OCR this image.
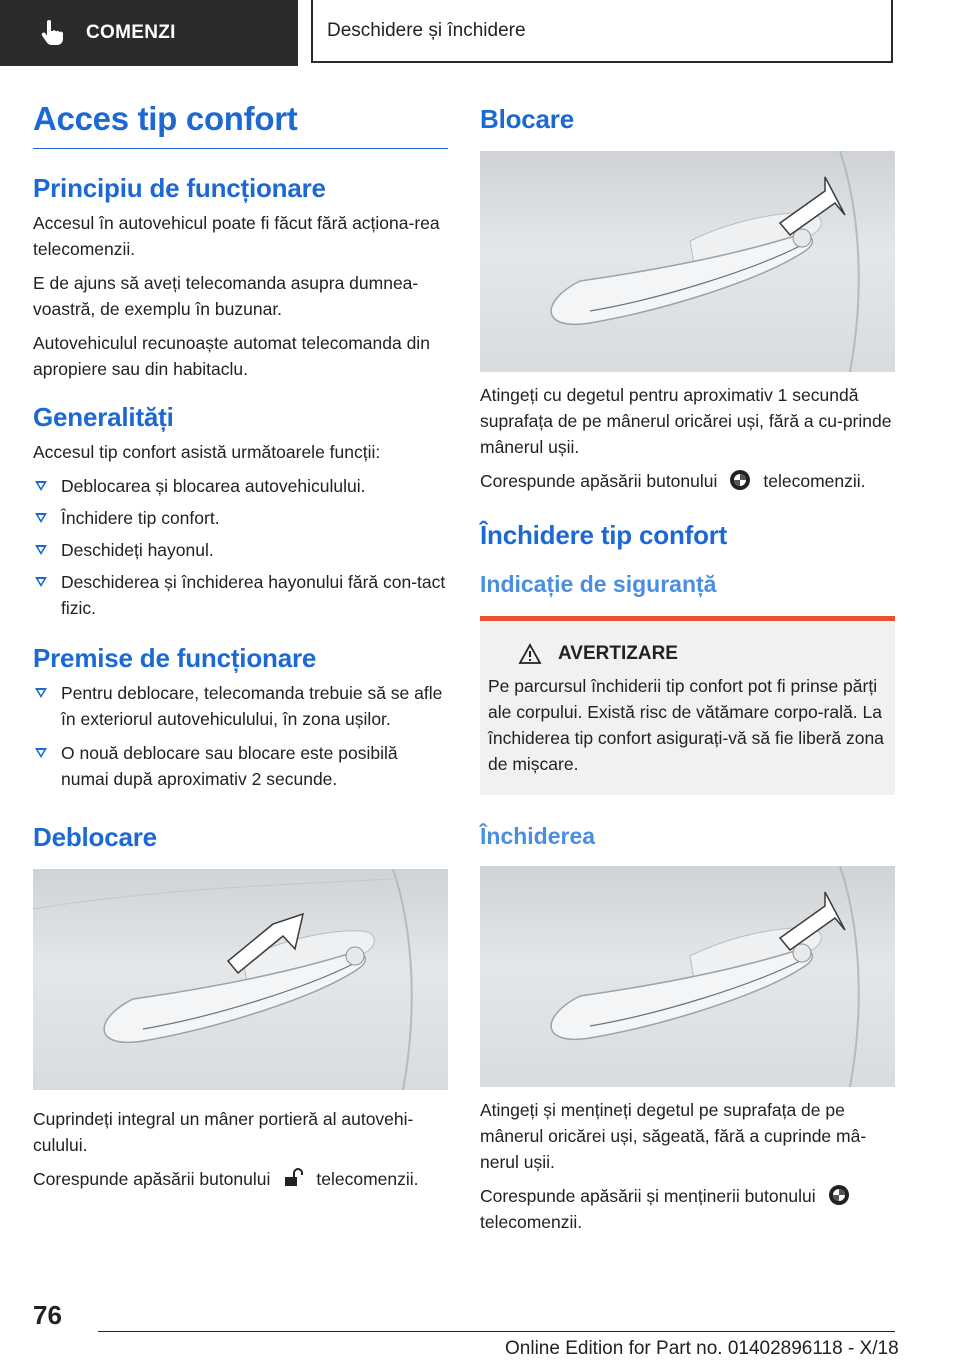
COMENZI	Deschidere și închidere
Acces tip confort
Principiu de funcționare

Accesul în autovehicul poate fi făcut fără acționa‐rea telecomenzii.

E de ajuns să aveți telecomanda asupra dumnea‐voastră, de exemplu în buzunar.

Autovehiculul recunoaște automat telecomanda din apropiere sau din habitaclu.

Generalități

Accesul tip confort asistă următoarele funcții:

Deblocarea și blocarea autovehiculului.
Închidere tip confort.
Deschideți hayonul.
Deschiderea și închiderea hayonului fără con‐tact fizic.
Premise de funcționare
Pentru deblocare, telecomanda trebuie să se afle în exteriorul autovehiculului, în zona ușilor.
O nouă deblocare sau blocare este posibilă numai după aproximativ 2 secunde.
Deblocare

Cuprindeți integral un mâner portieră al autovehi‐culului.

Corespunde apăsării butonului	telecomenzii.

Blocare

Atingeți cu degetul pentru aproximativ 1 secundă suprafața de pe mânerul oricărei uși, fără a cu‐prinde mânerul ușii.

Corespunde apăsării butonului	telecomenzii.

Închidere tip confort
Indicație de siguranță
AVERTIZARE

Pe parcursul închiderii tip confort pot fi prinse părți ale corpului. Există risc de vătămare corpo‐rală. La închiderea tip confort asigurați-vă să fie liberă zona de mișcare.

Închiderea

Atingeți și mențineți degetul pe suprafața de pe mânerul oricărei uși, săgeată, fără a cuprinde mâ‐nerul ușii.

Corespunde apăsării și menținerii butonuluitelecomenzii.

76
Online Edition for Part no. 01402896118 - X/18
